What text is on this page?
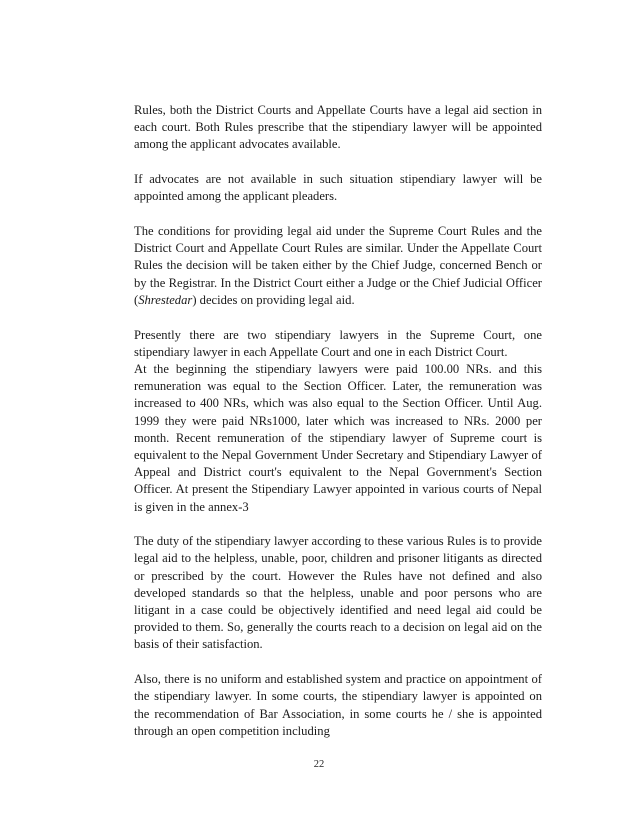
Rules, both the District Courts and Appellate Courts have a legal aid section in each court. Both Rules prescribe that the stipendiary lawyer will be appointed among the applicant advocates available.

If advocates are not available in such situation stipendiary lawyer will be appointed among the applicant pleaders.

The conditions for providing legal aid under the Supreme Court Rules and the District Court and Appellate Court Rules are similar. Under the Appellate Court Rules the decision will be taken either by the Chief Judge, concerned Bench or by the Registrar. In the District Court either a Judge or the Chief Judicial Officer (Shrestedar) decides on providing legal aid.

Presently there are two stipendiary lawyers in the Supreme Court, one stipendiary lawyer in each Appellate Court and one in each District Court.

At the beginning the stipendiary lawyers were paid 100.00 NRs. and this remuneration was equal to the Section Officer. Later, the remuneration was increased to 400 NRs, which was also equal to the Section Officer. Until Aug. 1999 they were paid NRs1000, later which was increased to NRs. 2000 per month. Recent remuneration of the stipendiary lawyer of Supreme court is equivalent to the Nepal Government Under Secretary and Stipendiary Lawyer of Appeal and District court's equivalent to the Nepal Government's Section Officer. At present the Stipendiary Lawyer appointed in various courts of Nepal is given in the annex-3

The duty of the stipendiary lawyer according to these various Rules is to provide legal aid to the helpless, unable, poor, children and prisoner litigants as directed or prescribed by the court. However the Rules have not defined and also developed standards so that the helpless, unable and poor persons who are litigant in a case could be objectively identified and need legal aid could be provided to them. So, generally the courts reach to a decision on legal aid on the basis of their satisfaction.

Also, there is no uniform and established system and practice on appointment of the stipendiary lawyer. In some courts, the stipendiary lawyer is appointed on the recommendation of Bar Association, in some courts he / she is appointed through an open competition including

22
